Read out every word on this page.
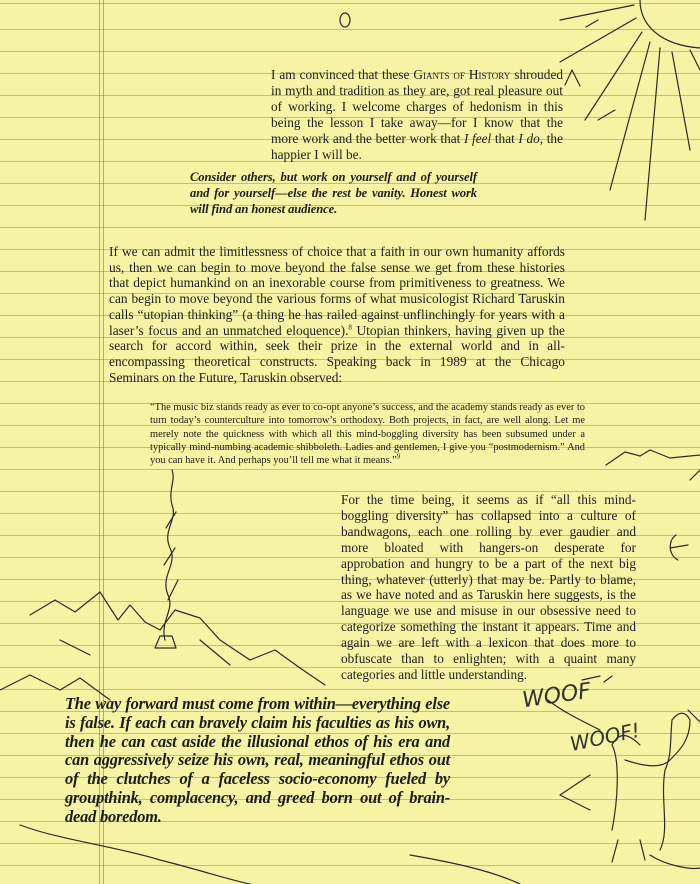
WOOF
WOOF!
I am convinced that these Giants of History shrouded in myth and tradition as they are, got real pleasure out of working. I welcome charges of hedonism in this being the lesson I take away—for I know that the more work and the better work that I feel that I do, the happier I will be.
Consider others, but work on yourself and of yourself and for yourself—else the rest be vanity. Honest work will find an honest audience.
If we can admit the limitlessness of choice that a faith in our own humanity affords us, then we can begin to move beyond the false sense we get from these histories that depict humankind on an inexorable course from primitiveness to greatness. We can begin to move beyond the various forms of what musicologist Richard Taruskin calls “utopian thinking” (a thing he has railed against unflinchingly for years with a laser’s focus and an unmatched eloquence).$^8$ Utopian thinkers, having given up the search for accord within, seek their prize in the external world and in all-encompassing theoretical constructs. Speaking back in 1989 at the Chicago Seminars on the Future, Taruskin observed:
“The music biz stands ready as ever to co-opt anyone’s success, and the academy stands ready as ever to turn today’s counterculture into tomorrow’s orthodoxy. Both projects, in fact, are well along. Let me merely note the quickness with which all this mind-boggling diversity has been subsumed under a typically mind-numbing academic shibboleth. Ladies and gentlemen, I give you “postmodernism.” And you can have it. And perhaps you’ll tell me what it means.”$^9$
For the time being, it seems as if “all this mind-boggling diversity” has collapsed into a culture of bandwagons, each one rolling by ever gaudier and more bloated with hangers-on desperate for approbation and hungry to be a part of the next big thing, whatever (utterly) that may be. Partly to blame, as we have noted and as Taruskin here suggests, is the language we use and misuse in our obsessive need to categorize something the instant it appears. Time and again we are left with a lexicon that does more to obfuscate than to enlighten; with a quaint many categories and little understanding.
The way forward must come from within—everything else is false. If each can bravely claim his faculties as his own, then he can cast aside the illusional ethos of his era and can aggressively seize his own, real, meaningful ethos out of the clutches of a faceless socio-economy fueled by groupthink, complacency, and greed born out of brain-dead boredom.
